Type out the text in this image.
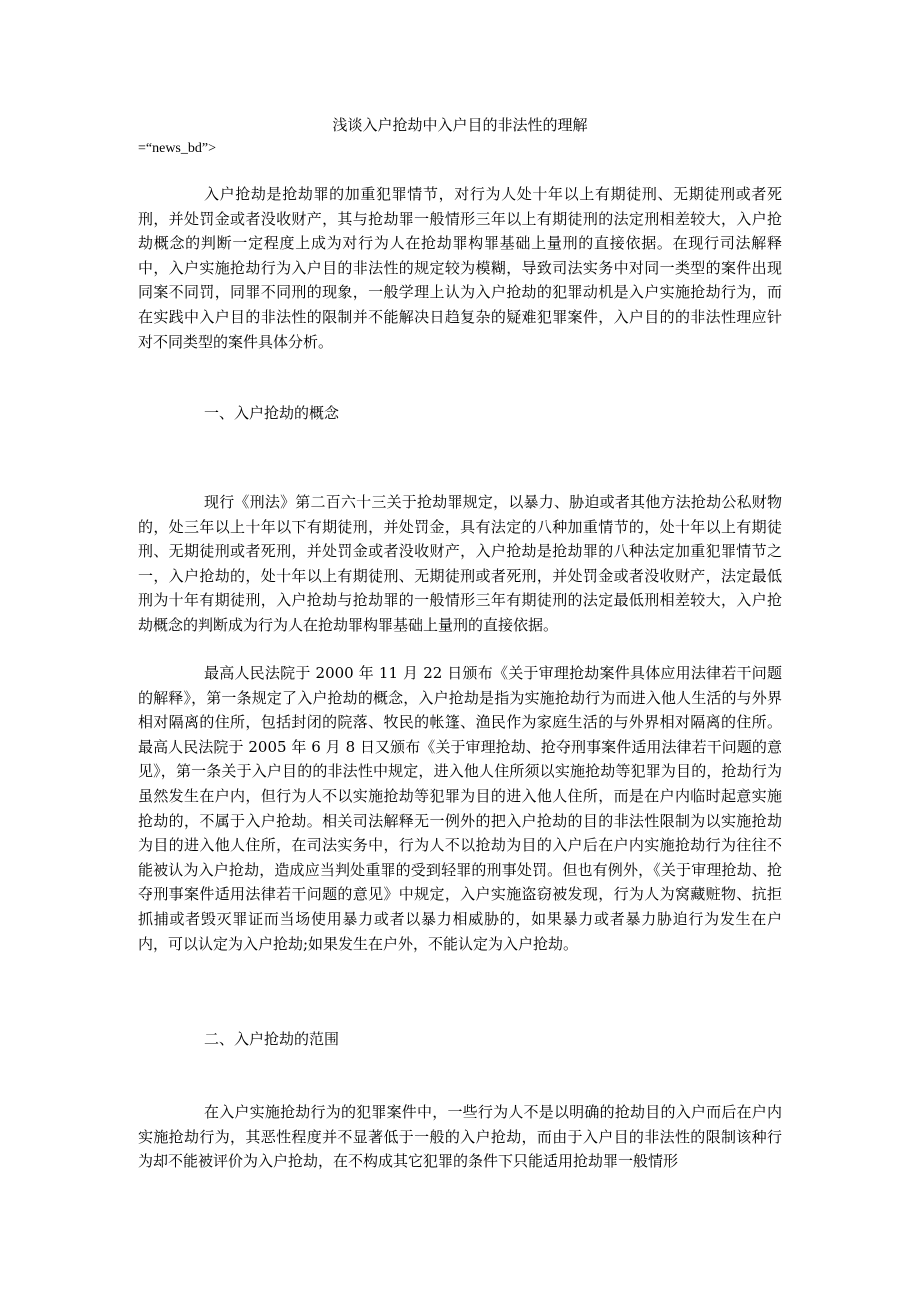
浅谈入户抢劫中入户目的非法性的理解
=“news_bd”>

入户抢劫是抢劫罪的加重犯罪情节，对行为人处十年以上有期徒刑、无期徒刑或者死刑，并处罚金或者没收财产，其与抢劫罪一般情形三年以上有期徒刑的法定刑相差较大，入户抢劫概念的判断一定程度上成为对行为人在抢劫罪构罪基础上量刑的直接依据。在现行司法解释中，入户实施抢劫行为入户目的非法性的规定较为模糊，导致司法实务中对同一类型的案件出现同案不同罚，同罪不同刑的现象，一般学理上认为入户抢劫的犯罪动机是入户实施抢劫行为，而在实践中入户目的非法性的限制并不能解决日趋复杂的疑难犯罪案件，入户目的的非法性理应针对不同类型的案件具体分析。

一、入户抢劫的概念

现行《刑法》第二百六十三关于抢劫罪规定，以暴力、胁迫或者其他方法抢劫公私财物的，处三年以上十年以下有期徒刑，并处罚金，具有法定的八种加重情节的，处十年以上有期徒刑、无期徒刑或者死刑，并处罚金或者没收财产，入户抢劫是抢劫罪的八种法定加重犯罪情节之一，入户抢劫的，处十年以上有期徒刑、无期徒刑或者死刑，并处罚金或者没收财产，法定最低刑为十年有期徒刑，入户抢劫与抢劫罪的一般情形三年有期徒刑的法定最低刑相差较大，入户抢劫概念的判断成为行为人在抢劫罪构罪基础上量刑的直接依据。

最高人民法院于 2000 年 11 月 22 日颁布《关于审理抢劫案件具体应用法律若干问题的解释》，第一条规定了入户抢劫的概念，入户抢劫是指为实施抢劫行为而进入他人生活的与外界相对隔离的住所，包括封闭的院落、牧民的帐篷、渔民作为家庭生活的与外界相对隔离的住所。最高人民法院于 2005 年 6 月 8 日又颁布《关于审理抢劫、抢夺刑事案件适用法律若干问题的意见》，第一条关于入户目的的非法性中规定，进入他人住所须以实施抢劫等犯罪为目的，抢劫行为虽然发生在户内，但行为人不以实施抢劫等犯罪为目的进入他人住所，而是在户内临时起意实施抢劫的，不属于入户抢劫。相关司法解释无一例外的把入户抢劫的目的非法性限制为以实施抢劫为目的进入他人住所，在司法实务中，行为人不以抢劫为目的入户后在户内实施抢劫行为往往不能被认为入户抢劫，造成应当判处重罪的受到轻罪的刑事处罚。但也有例外，《关于审理抢劫、抢夺刑事案件适用法律若干问题的意见》中规定，入户实施盗窃被发现，行为人为窝藏赃物、抗拒抓捕或者毁灭罪证而当场使用暴力或者以暴力相威胁的，如果暴力或者暴力胁迫行为发生在户内，可以认定为入户抢劫;如果发生在户外，不能认定为入户抢劫。

二、入户抢劫的范围

在入户实施抢劫行为的犯罪案件中，一些行为人不是以明确的抢劫目的入户而后在户内实施抢劫行为，其恶性程度并不显著低于一般的入户抢劫，而由于入户目的非法性的限制该种行为却不能被评价为入户抢劫，在不构成其它犯罪的条件下只能适用抢劫罪一般情形
